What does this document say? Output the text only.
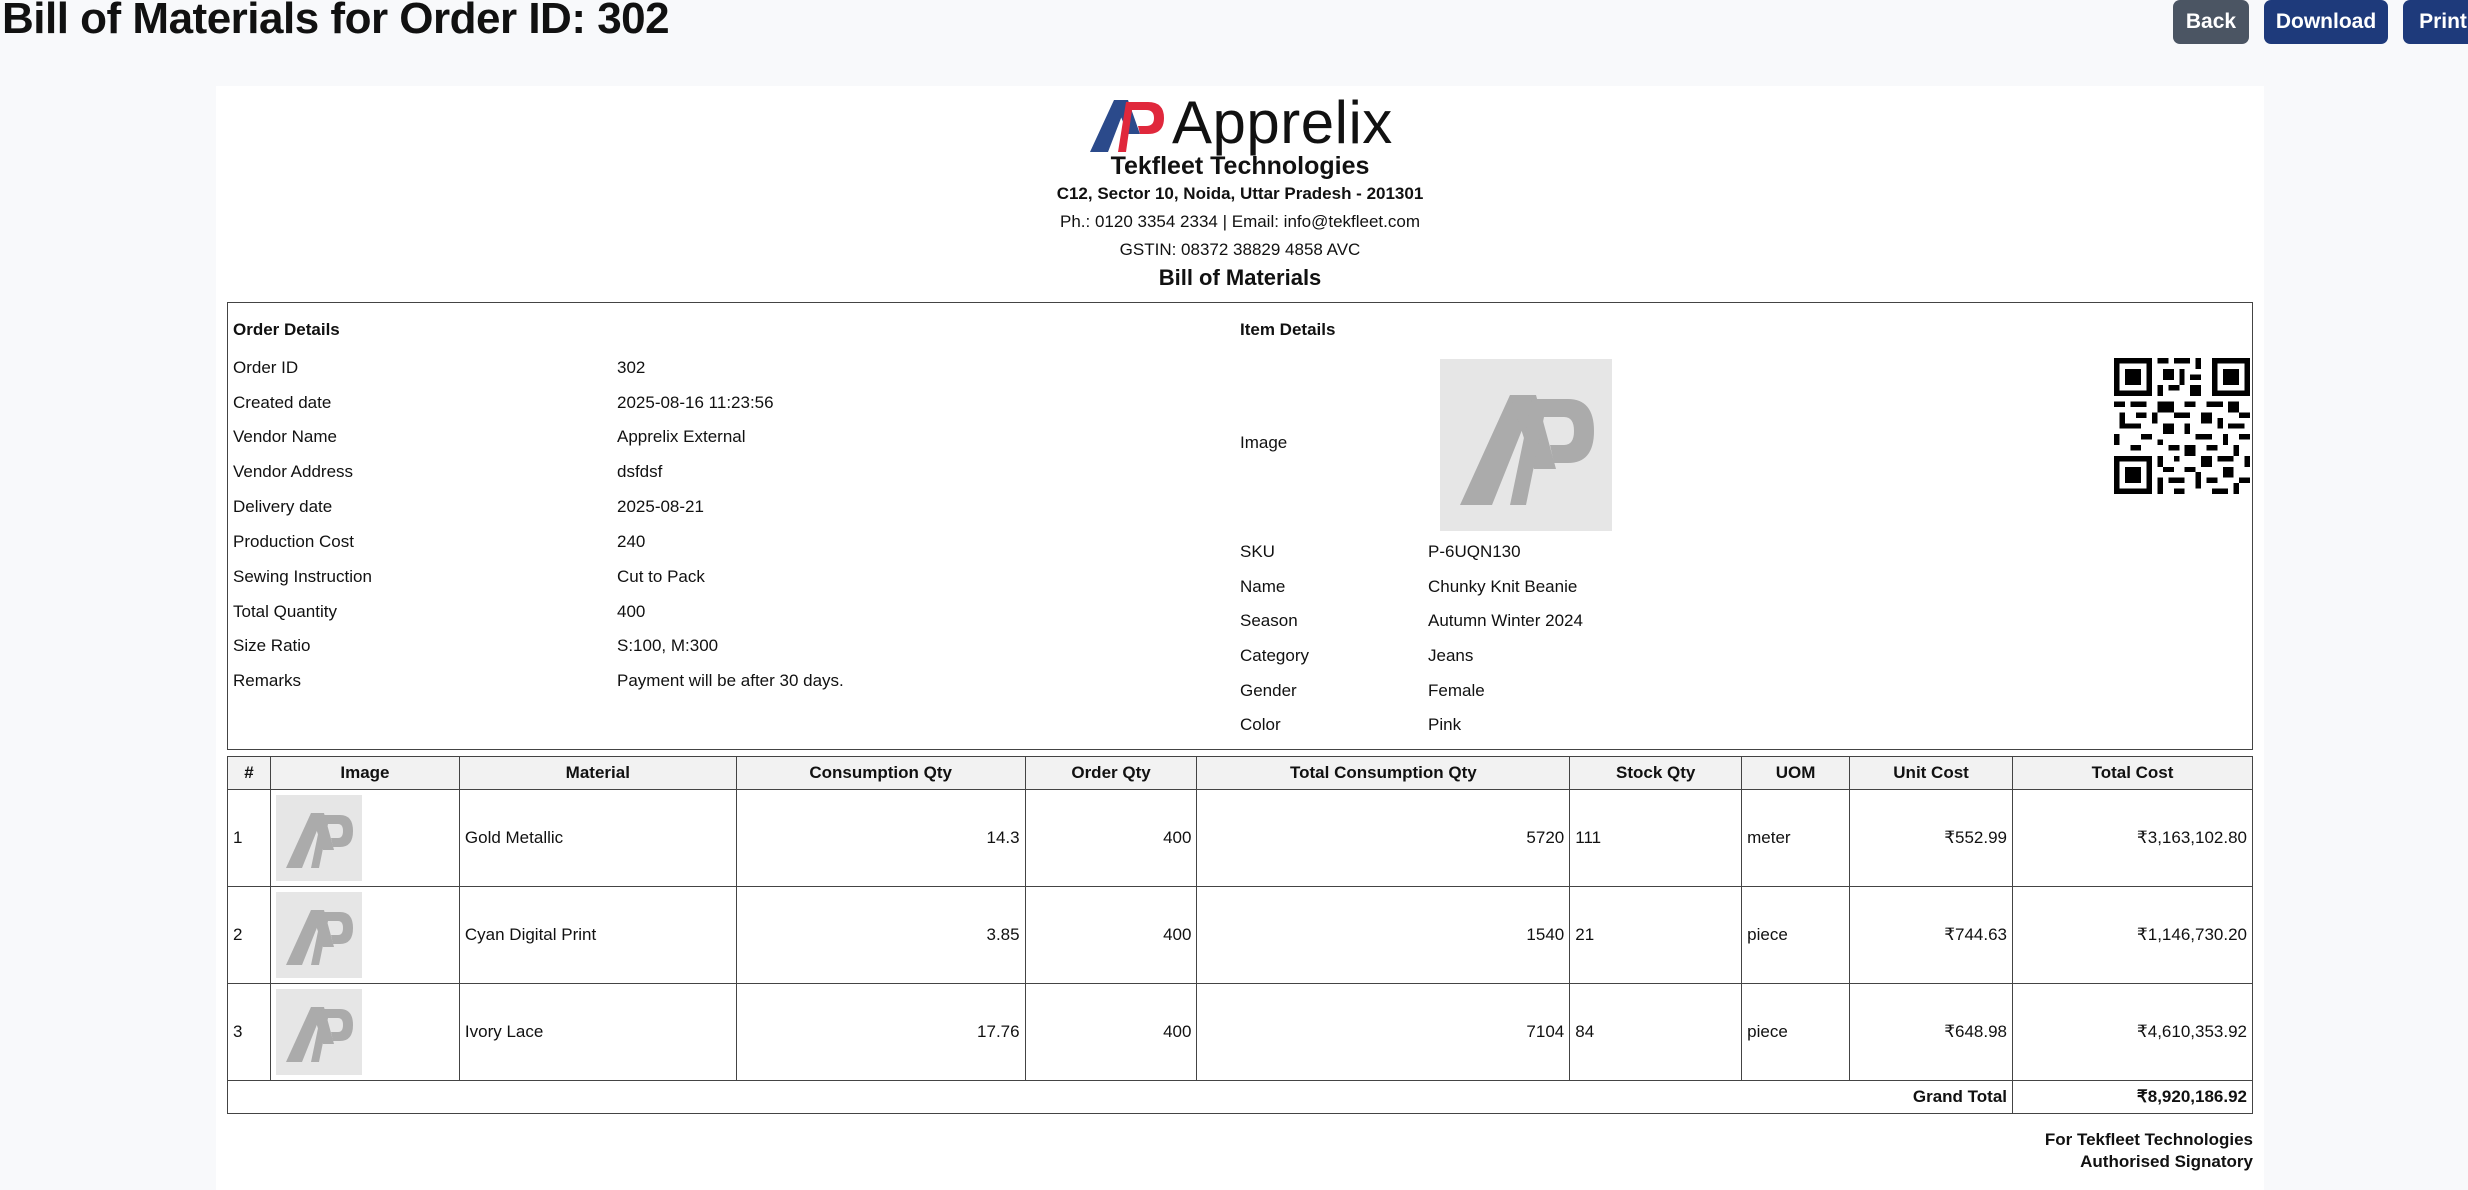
Bill of Materials for Order ID: 302	Back	Download	Print
Apprelix
Tekfleet Technologies
C12, Sector 10, Noida, Uttar Pradesh - 201301
Ph.: 0120 3354 2334 | Email: info@tekfleet.com
GSTIN: 08372 38829 4858 AVC
Bill of Materials
Order Details
Order ID	302
Created date	2025-08-16 11:23:56
Vendor Name	Apprelix External
Vendor Address	dsfdsf
Delivery date	2025-08-21
Production Cost	240
Sewing Instruction	Cut to Pack
Total Quantity	400
Size Ratio	S:100, M:300
Remarks	Payment will be after 30 days.
Item Details
Image
SKU	P-6UQN130
Name	Chunky Knit Beanie
Season	Autumn Winter 2024
Category	Jeans
Gender	Female
Color	Pink
#	Image	Material	Consumption Qty	Order Qty	Total Consumption Qty	Stock Qty	UOM	Unit Cost	Total Cost
1		Gold Metallic	14.3	400	5720	111	meter	₹552.99	₹3,163,102.80
2		Cyan Digital Print	3.85	400	1540	21	piece	₹744.63	₹1,146,730.20
3		Ivory Lace	17.76	400	7104	84	piece	₹648.98	₹4,610,353.92
Grand Total									₹8,920,186.92
For Tekfleet Technologies
Authorised Signatory
